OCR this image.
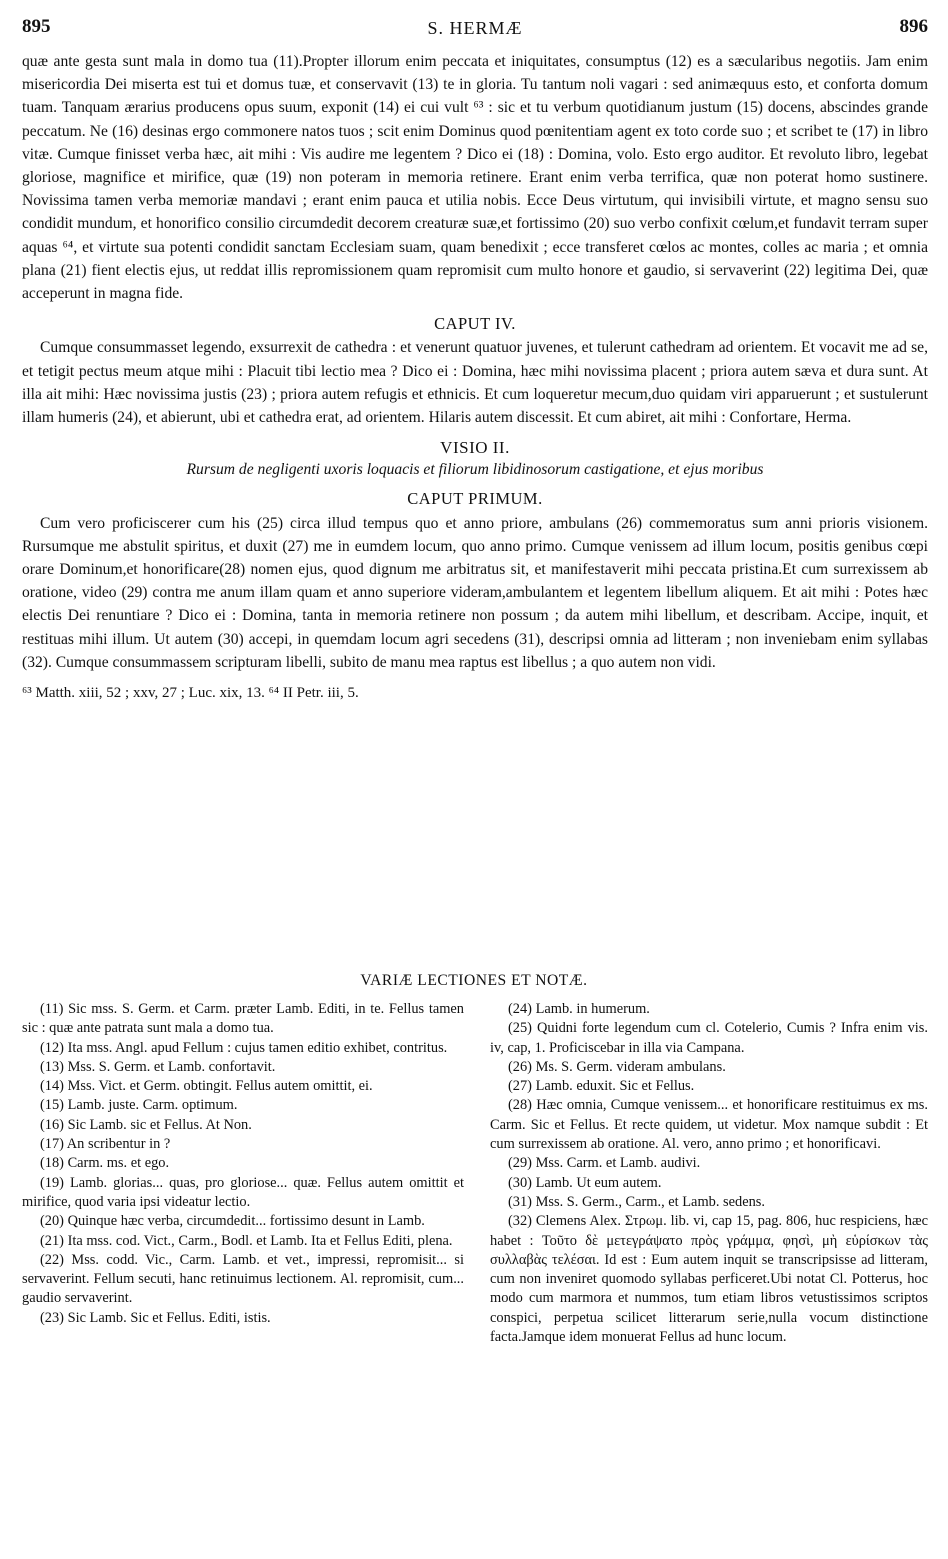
895	S. HERMÆ	896

quæ ante gesta sunt mala in domo tua (11).Propter illorum enim peccata et iniquitates, consumptus (12) es a sæcularibus negotiis. Jam enim misericordia Dei miserta est tui et domus tuæ, et conservavit (13) te in gloria. Tu tantum noli vagari : sed animæquus esto, et conforta domum tuam. Tanquam ærarius producens opus suum, exponit (14) ei cui vult ⁶³ : sic et tu verbum quotidianum justum (15) docens, abscindes grande peccatum. Ne (16) desinas ergo commonere natos tuos ; scit enim Dominus quod pœnitentiam agent ex toto corde suo ; et scribet te (17) in libro vitæ. Cumque finisset verba hæc, ait mihi : Vis audire me legentem ? Dico ei (18) : Domina, volo. Esto ergo auditor. Et revoluto libro, legebat gloriose, magnifice et mirifice, quæ (19) non poteram in memoria retinere. Erant enim verba terrifica, quæ non poterat homo sustinere. Novissima tamen verba memoriæ mandavi ; erant enim pauca et utilia nobis. Ecce Deus virtutum, qui invisibili virtute, et magno sensu suo condidit mundum, et honorifico consilio circumdedit decorem creaturæ suæ,et fortissimo (20) suo verbo confixit cœlum,et fundavit terram super aquas ⁶⁴, et virtute sua potenti condidit sanctam Ecclesiam suam, quam benedixit ; ecce transferet cœlos ac montes, colles ac maria ; et omnia plana (21) fient electis ejus, ut reddat illis repromissionem quam repromisit cum multo honore et gaudio, si servaverint (22) legitima Dei, quæ acceperunt in magna fide.

CAPUT IV.

Cumque consummasset legendo, exsurrexit de cathedra : et venerunt quatuor juvenes, et tulerunt cathedram ad orientem. Et vocavit me ad se, et tetigit pectus meum atque mihi : Placuit tibi lectio mea ? Dico ei : Domina, hæc mihi novissima placent ; priora autem sæva et dura sunt. At illa ait mihi: Hæc novissima justis (23) ; priora autem refugis et ethnicis. Et cum loqueretur mecum,duo quidam viri apparuerunt ; et sustulerunt illam humeris (24), et abierunt, ubi et cathedra erat, ad orientem. Hilaris autem discessit. Et cum abiret, ait mihi : Confortare, Herma.

VISIO II.
Rursum de negligenti uxoris loquacis et filiorum libidinosorum castigatione, et ejus moribus
CAPUT PRIMUM.

Cum vero proficiscerer cum his (25) circa illud tempus quo et anno priore, ambulans (26) commemoratus sum anni prioris visionem. Rursumque me abstulit spiritus, et duxit (27) me in eumdem locum, quo anno primo. Cumque venissem ad illum locum, positis genibus cœpi orare Dominum,et honorificare(28) nomen ejus, quod dignum me arbitratus sit, et manifestaverit mihi peccata pristina.Et cum surrexissem ab oratione, video (29) contra me anum illam quam et anno superiore videram,ambulantem et legentem libellum aliquem. Et ait mihi : Potes hæc electis Dei renuntiare ? Dico ei : Domina, tanta in memoria retinere non possum ; da autem mihi libellum, et describam. Accipe, inquit, et restituas mihi illum. Ut autem (30) accepi, in quemdam locum agri secedens (31), descripsi omnia ad litteram ; non inveniebam enim syllabas (32). Cumque consummassem scripturam libelli, subito de manu mea raptus est libellus ; a quo autem non vidi.

⁶³ Matth. xiii, 52 ; xxv, 27 ; Luc. xix, 13. ⁶⁴ II Petr. iii, 5.
VARIÆ LECTIONES ET NOTÆ.

(11) Sic mss. S. Germ. et Carm. præter Lamb. Editi, in te. Fellus tamen sic : quæ ante patrata sunt mala a domo tua.

(12) Ita mss. Angl. apud Fellum : cujus tamen editio exhibet, contritus.

(13) Mss. S. Germ. et Lamb. confortavit.

(14) Mss. Vict. et Germ. obtingit. Fellus autem omittit, ei.

(15) Lamb. juste. Carm. optimum.

(16) Sic Lamb. sic et Fellus. At Non.

(17) An scribentur in ?

(18) Carm. ms. et ego.

(19) Lamb. glorias... quas, pro gloriose... quæ. Fellus autem omittit et mirifice, quod varia ipsi videatur lectio.

(20) Quinque hæc verba, circumdedit... fortissimo desunt in Lamb.

(21) Ita mss. cod. Vict., Carm., Bodl. et Lamb. Ita et Fellus Editi, plena.

(22) Mss. codd. Vic., Carm. Lamb. et vet., impressi, repromisit... si servaverint. Fellum secuti, hanc retinuimus lectionem. Al. repromisit, cum... gaudio servaverint.

(23) Sic Lamb. Sic et Fellus. Editi, istis.

(24) Lamb. in humerum.

(25) Quidni forte legendum cum cl. Cotelerio, Cumis ? Infra enim vis. iv, cap, 1. Proficiscebar in illa via Campana.

(26) Ms. S. Germ. videram ambulans.

(27) Lamb. eduxit. Sic et Fellus.

(28) Hæc omnia, Cumque venissem... et honorificare restituimus ex ms. Carm. Sic et Fellus. Et recte quidem, ut videtur. Mox namque subdit : Et cum surrexissem ab oratione. Al. vero, anno primo ; et honorificavi.

(29) Mss. Carm. et Lamb. audivi.

(30) Lamb. Ut eum autem.

(31) Mss. S. Germ., Carm., et Lamb. sedens.

(32) Clemens Alex. Στρωμ. lib. vi, cap 15, pag. 806, huc respiciens, hæc habet : Τοῦτο δὲ μετεγράψατο πρὸς γράμμα, φησὶ, μὴ εὑρίσκων τὰς συλλαβὰς τελέσαι. Id est : Eum autem inquit se transcripsisse ad litteram, cum non inveniret quomodo syllabas perficeret.Ubi notat Cl. Potterus, hoc modo cum marmora et nummos, tum etiam libros vetustissimos scriptos conspici, perpetua scilicet litterarum serie,nulla vocum distinctione facta.Jamque idem monuerat Fellus ad hunc locum.
